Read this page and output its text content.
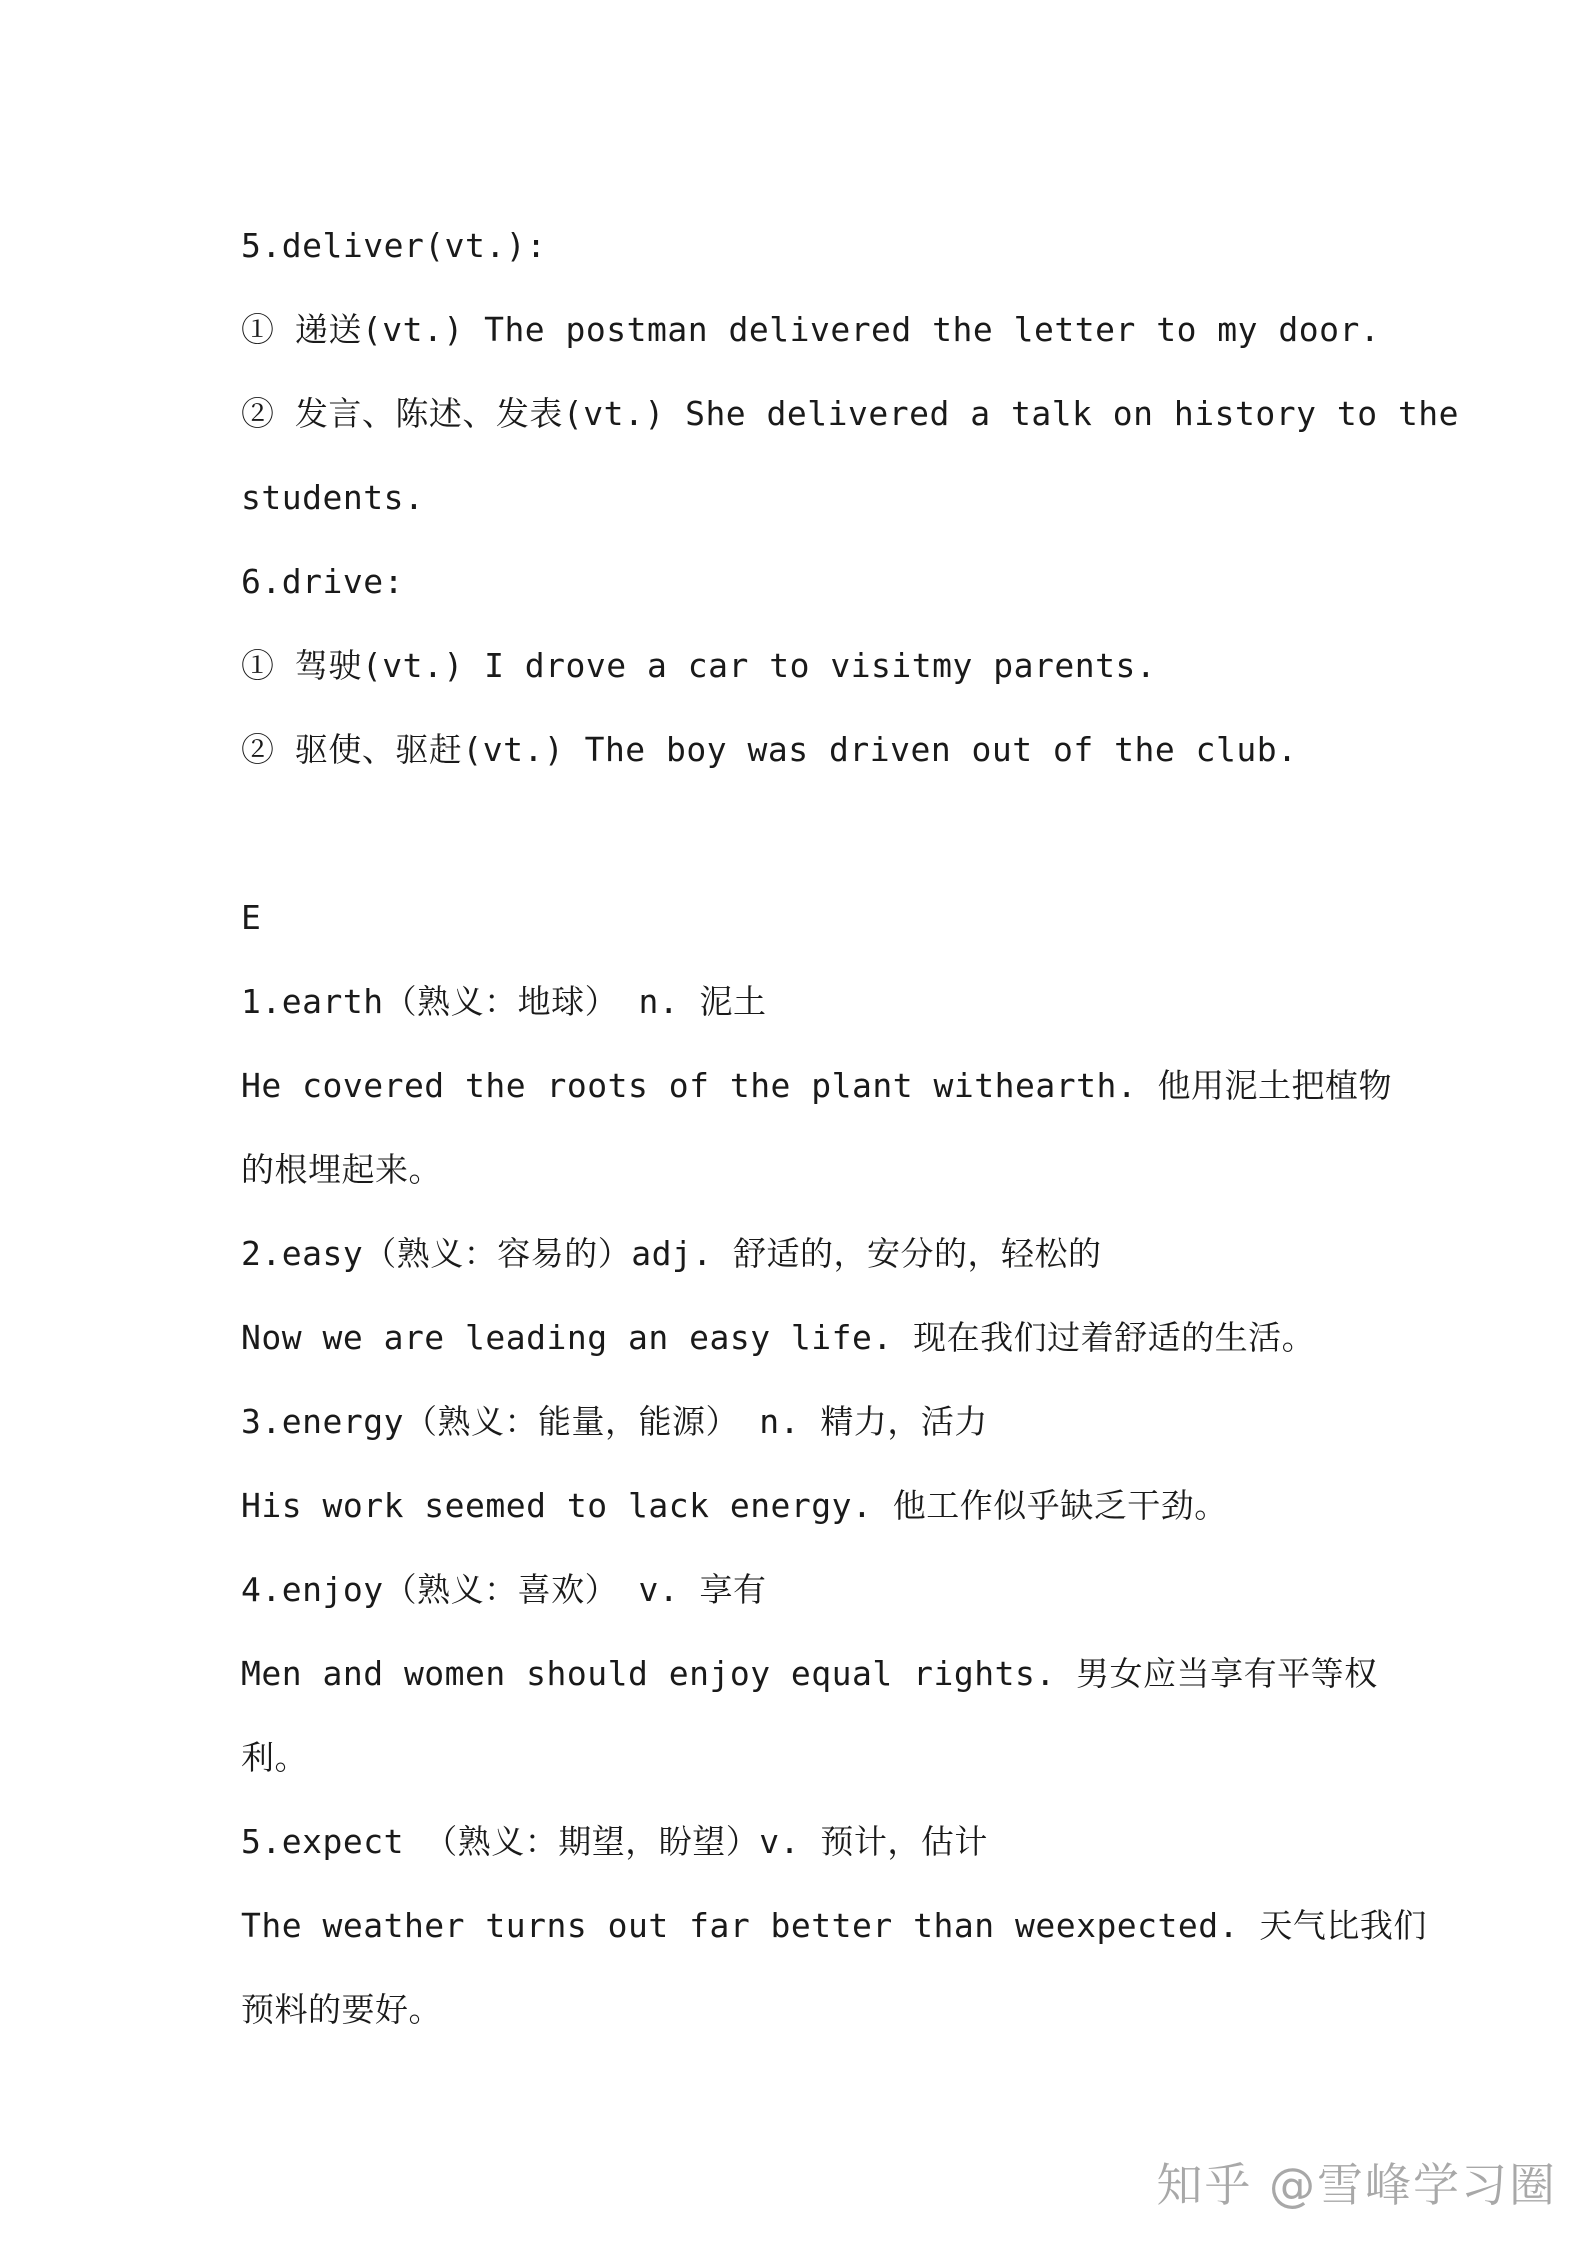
5.deliver(vt.):
① 递送(vt.) The postman delivered the letter to my door.
② 发言、陈述、发表(vt.) She delivered a talk on history to the
students.
6.drive:
① 驾驶(vt.) I drove a car to visitmy parents.
② 驱使、驱赶(vt.) The boy was driven out of the club.
E
1.earth（熟义：地球） n. 泥土
He covered the roots of the plant withearth. 他用泥土把植物
的根埋起来。
2.easy（熟义：容易的）adj. 舒适的，安分的，轻松的
Now we are leading an easy life. 现在我们过着舒适的生活。
3.energy（熟义：能量，能源） n. 精力，活力
His work seemed to lack energy. 他工作似乎缺乏干劲。
4.enjoy（熟义：喜欢） v. 享有
Men and women should enjoy equal rights. 男女应当享有平等权
利。
5.expect （熟义：期望，盼望）v. 预计，估计
The weather turns out far better than weexpected. 天气比我们
预料的要好。
知乎 @雪峰学习圈
